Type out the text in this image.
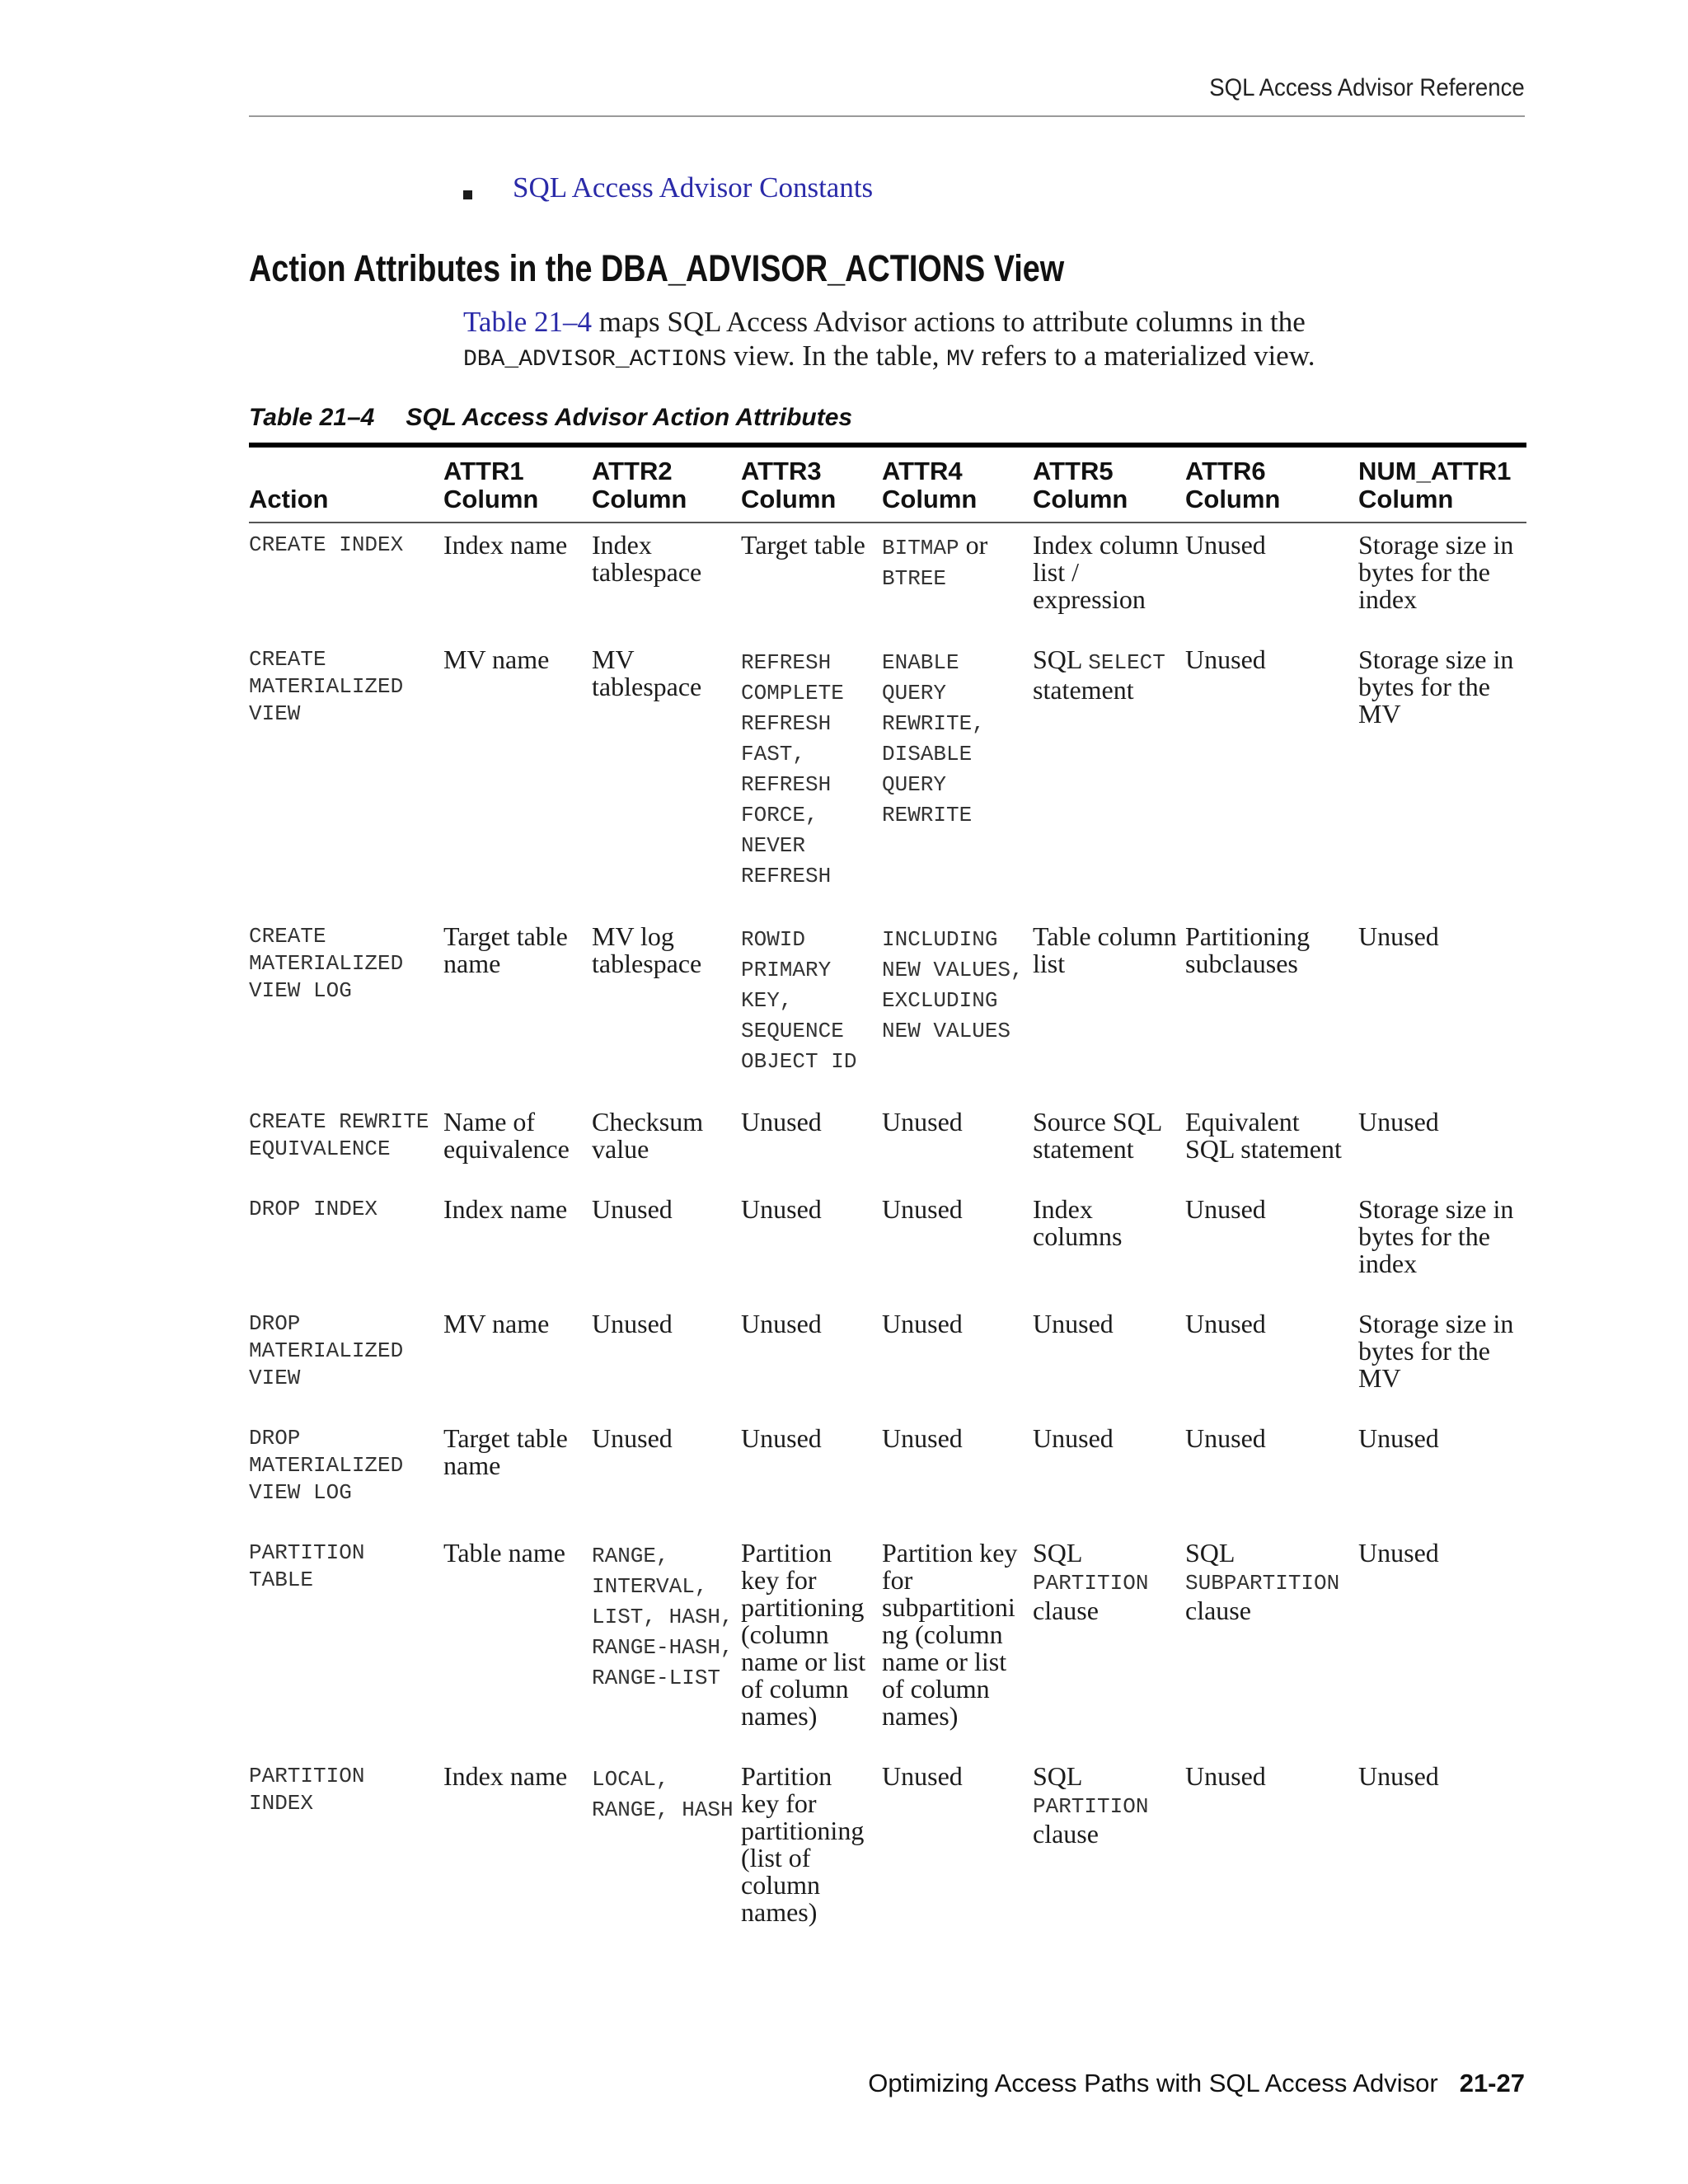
SQL Access Advisor Reference
SQL Access Advisor Constants
Action Attributes in the DBA_ADVISOR_ACTIONS View

Table 21–4 maps SQL Access Advisor actions to attribute columns in the DBA_ADVISOR_ACTIONS view. In the table, MV refers to a materialized view.

Table 21–4 SQL Access Advisor Action Attributes
Action	ATTR1 Column	ATTR2 Column	ATTR3 Column	ATTR4 Column	ATTR5 Column	ATTR6 Column	NUM_ATTR1 Column
CREATE INDEX	Index name	Index tablespace	Target table	BITMAP or BTREE	Index column list / expression	Unused	Storage size in bytes for the index
CREATE MATERIALIZED VIEW	MV name	MV tablespace	REFRESH COMPLETE REFRESH FAST, REFRESH FORCE, NEVER REFRESH	ENABLE QUERY REWRITE, DISABLE QUERY REWRITE	SQL SELECT statement	Unused	Storage size in bytes for the MV
CREATE MATERIALIZED VIEW LOG	Target table name	MV log tablespace	ROWID PRIMARY KEY, SEQUENCE OBJECT ID	INCLUDING NEW VALUES, EXCLUDING NEW VALUES	Table column list	Partitioning subclauses	Unused
CREATE REWRITE EQUIVALENCE	Name of equivalence	Checksum value	Unused	Unused	Source SQL statement	Equivalent SQL statement	Unused
DROP INDEX	Index name	Unused	Unused	Unused	Index columns	Unused	Storage size in bytes for the index
DROP MATERIALIZED VIEW	MV name	Unused	Unused	Unused	Unused	Unused	Storage size in bytes for the MV
DROP MATERIALIZED VIEW LOG	Target table name	Unused	Unused	Unused	Unused	Unused	Unused
PARTITION TABLE	Table name	RANGE, INTERVAL, LIST, HASH, RANGE-HASH, RANGE-LIST	Partition key for partitioning (column name or list of column names)	Partition key for subpartitioning (column name or list of column names)	SQL PARTITION clause	SQL SUBPARTITION clause	Unused
PARTITION INDEX	Index name	LOCAL, RANGE, HASH	Partition key for partitioning (list of column names)	Unused	SQL PARTITION clause	Unused	Unused
Optimizing Access Paths with SQL Access Advisor 21-27
